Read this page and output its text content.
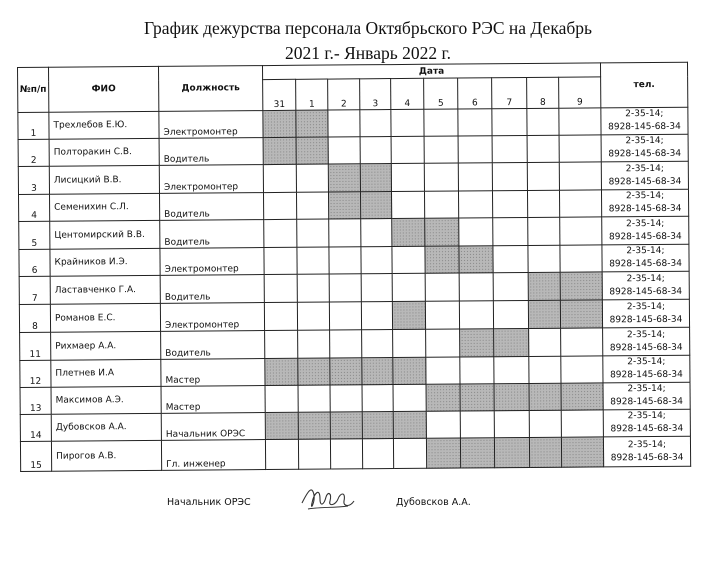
График дежурства персонала Октябрьского РЭС на Декабрь
2021 г.- Январь 2022 г.
№п/п	ФИО	Должность	Дата										тел.
			31	1	2	3	4	5	6	7	8	9	
1	Трехлебов Е.Ю.	Электромонтер											2-35-14;
8928-145-68-34

2	Полторакин С.В.	Водитель											2-35-14;
8928-145-68-34

3	Лисицкий В.В.	Электромонтер											2-35-14;
8928-145-68-34

4	Семенихин С.Л.	Водитель											2-35-14;
8928-145-68-34

5	Центомирский В.В.	Водитель											2-35-14;
8928-145-68-34

6	Крайников И.Э.	Электромонтер											2-35-14;
8928-145-68-34

7	Ластавченко Г.А.	Водитель											2-35-14;
8928-145-68-34

8	Романов Е.С.	Электромонтер											2-35-14;
8928-145-68-34

11	Рихмаер А.А.	Водитель											2-35-14;
8928-145-68-34

12	Плетнев И.А	Мастер											2-35-14;
8928-145-68-34

13	Максимов А.Э.	Мастер											2-35-14;
8928-145-68-34

14	Дубовсков А.А.	Начальник ОРЭС											2-35-14;
8928-145-68-34

15	Пирогов А.В.	Гл. инженер											2-35-14;
8928-145-68-34
Начальник ОРЭС	Дубовсков А.А.
